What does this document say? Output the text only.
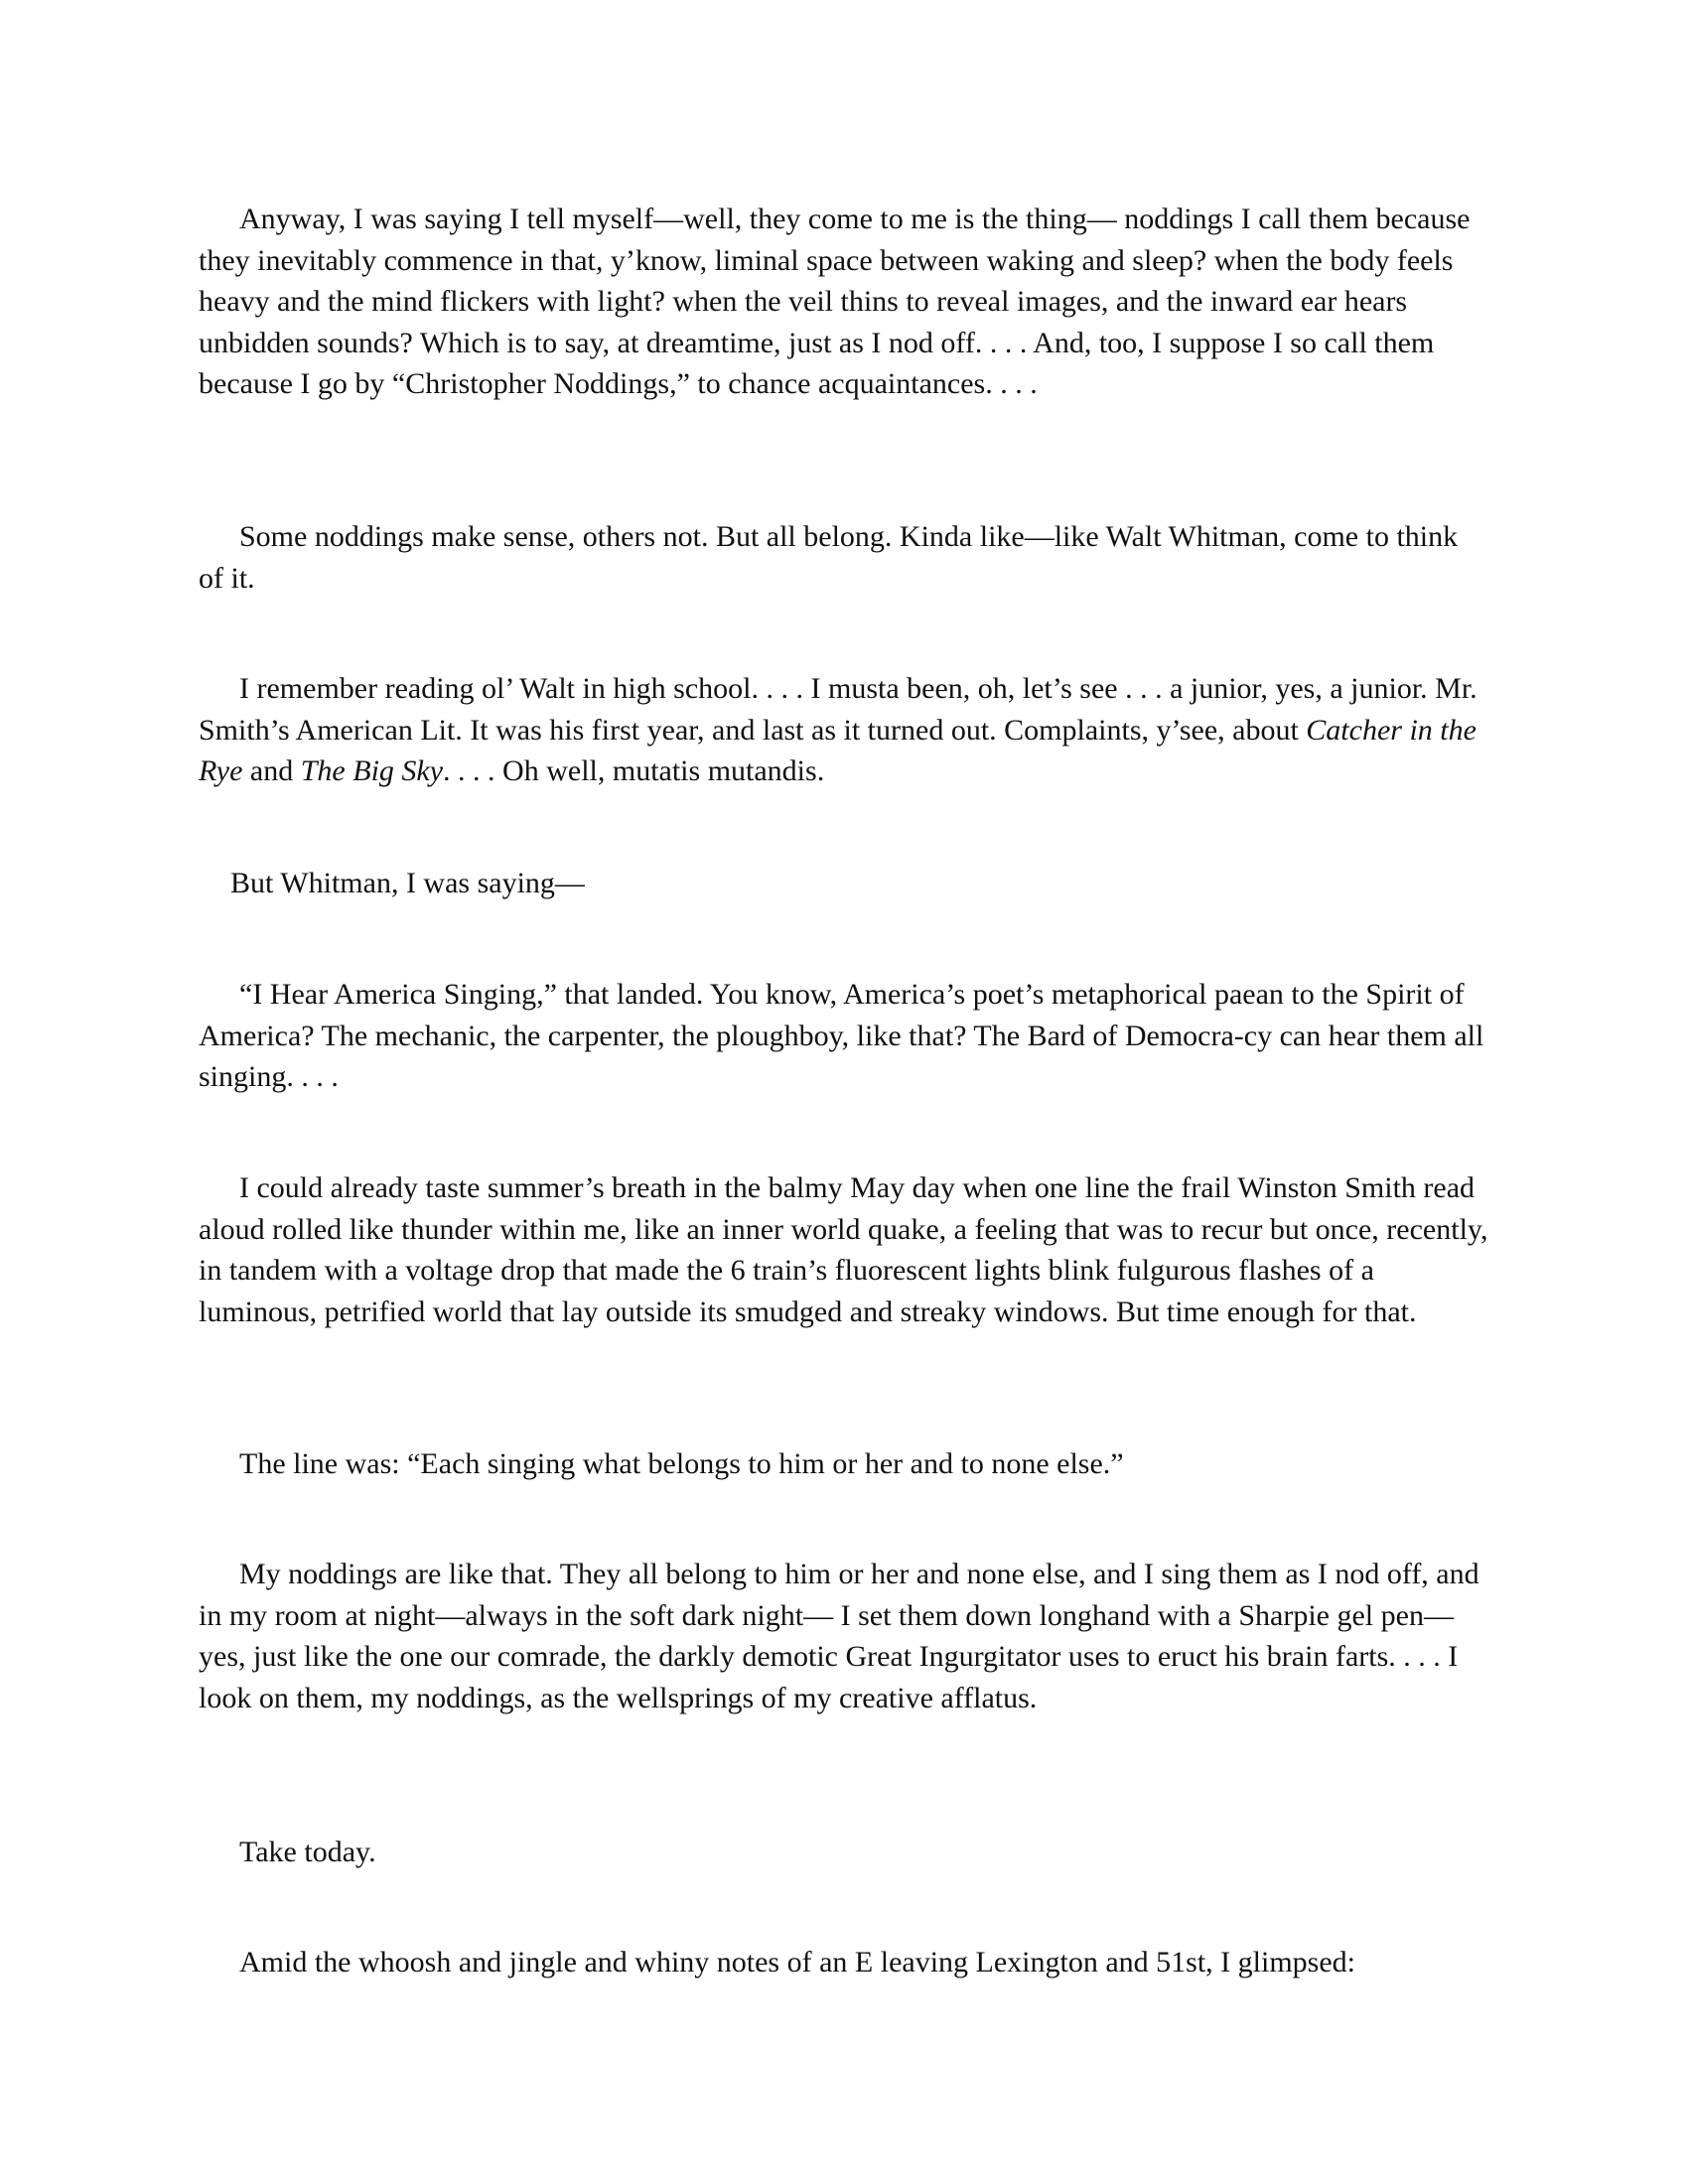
Anyway, I was saying I tell myself—well, they come to me is the thing— noddings I call them because they inevitably commence in that, y’know, liminal space between waking and sleep? when the body feels heavy and the mind flickers with light? when the veil thins to reveal images, and the inward ear hears unbidden sounds? Which is to say, at dreamtime, just as I nod off. . . . And, too, I suppose I so call them because I go by “Christopher Noddings,” to chance acquaintances. . . .

Some noddings make sense, others not. But all belong. Kinda like—like Walt Whitman, come to think of it.

I remember reading ol’ Walt in high school. . . . I musta been, oh, let’s see . . . a junior, yes, a junior. Mr. Smith’s American Lit. It was his first year, and last as it turned out. Complaints, y’see, about Catcher in the Rye and The Big Sky. . . . Oh well, mutatis mutandis.

But Whitman, I was saying—

“I Hear America Singing,” that landed. You know, America’s poet’s metaphorical paean to the Spirit of America? The mechanic, the carpenter, the ploughboy, like that? The Bard of Democra-cy can hear them all singing. . . .

I could already taste summer’s breath in the balmy May day when one line the frail Winston Smith read aloud rolled like thunder within me, like an inner world quake, a feeling that was to recur but once, recently, in tandem with a voltage drop that made the 6 train’s fluorescent lights blink fulgurous flashes of a luminous, petrified world that lay outside its smudged and streaky windows. But time enough for that.

The line was: “Each singing what belongs to him or her and to none else.”

My noddings are like that. They all belong to him or her and none else, and I sing them as I nod off, and in my room at night—always in the soft dark night— I set them down longhand with a Sharpie gel pen—yes, just like the one our comrade, the darkly demotic Great Ingurgitator uses to eruct his brain farts. . . . I look on them, my noddings, as the wellsprings of my creative afflatus.

Take today.

Amid the whoosh and jingle and whiny notes of an E leaving Lexington and 51st, I glimpsed:
